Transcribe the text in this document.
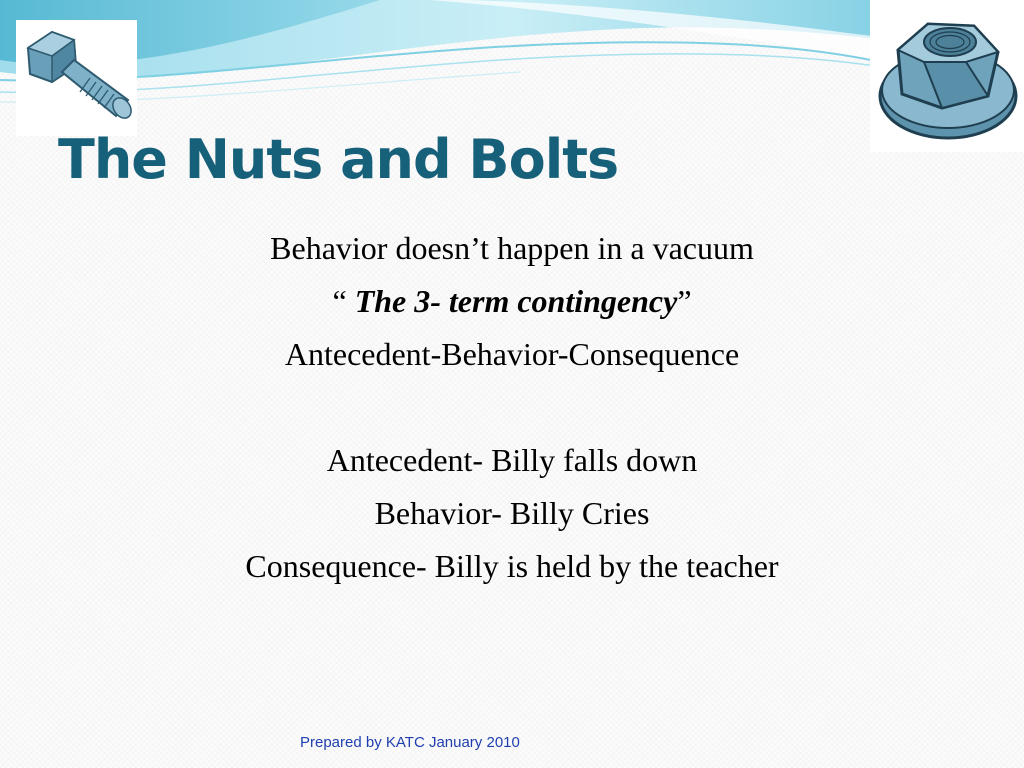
The Nuts and Bolts
Behavior doesn’t happen in a vacuum
“ The 3- term contingency”
Antecedent-Behavior-Consequence
Antecedent- Billy falls down
Behavior- Billy Cries
Consequence- Billy is held by the teacher
Prepared by KATC January 2010
